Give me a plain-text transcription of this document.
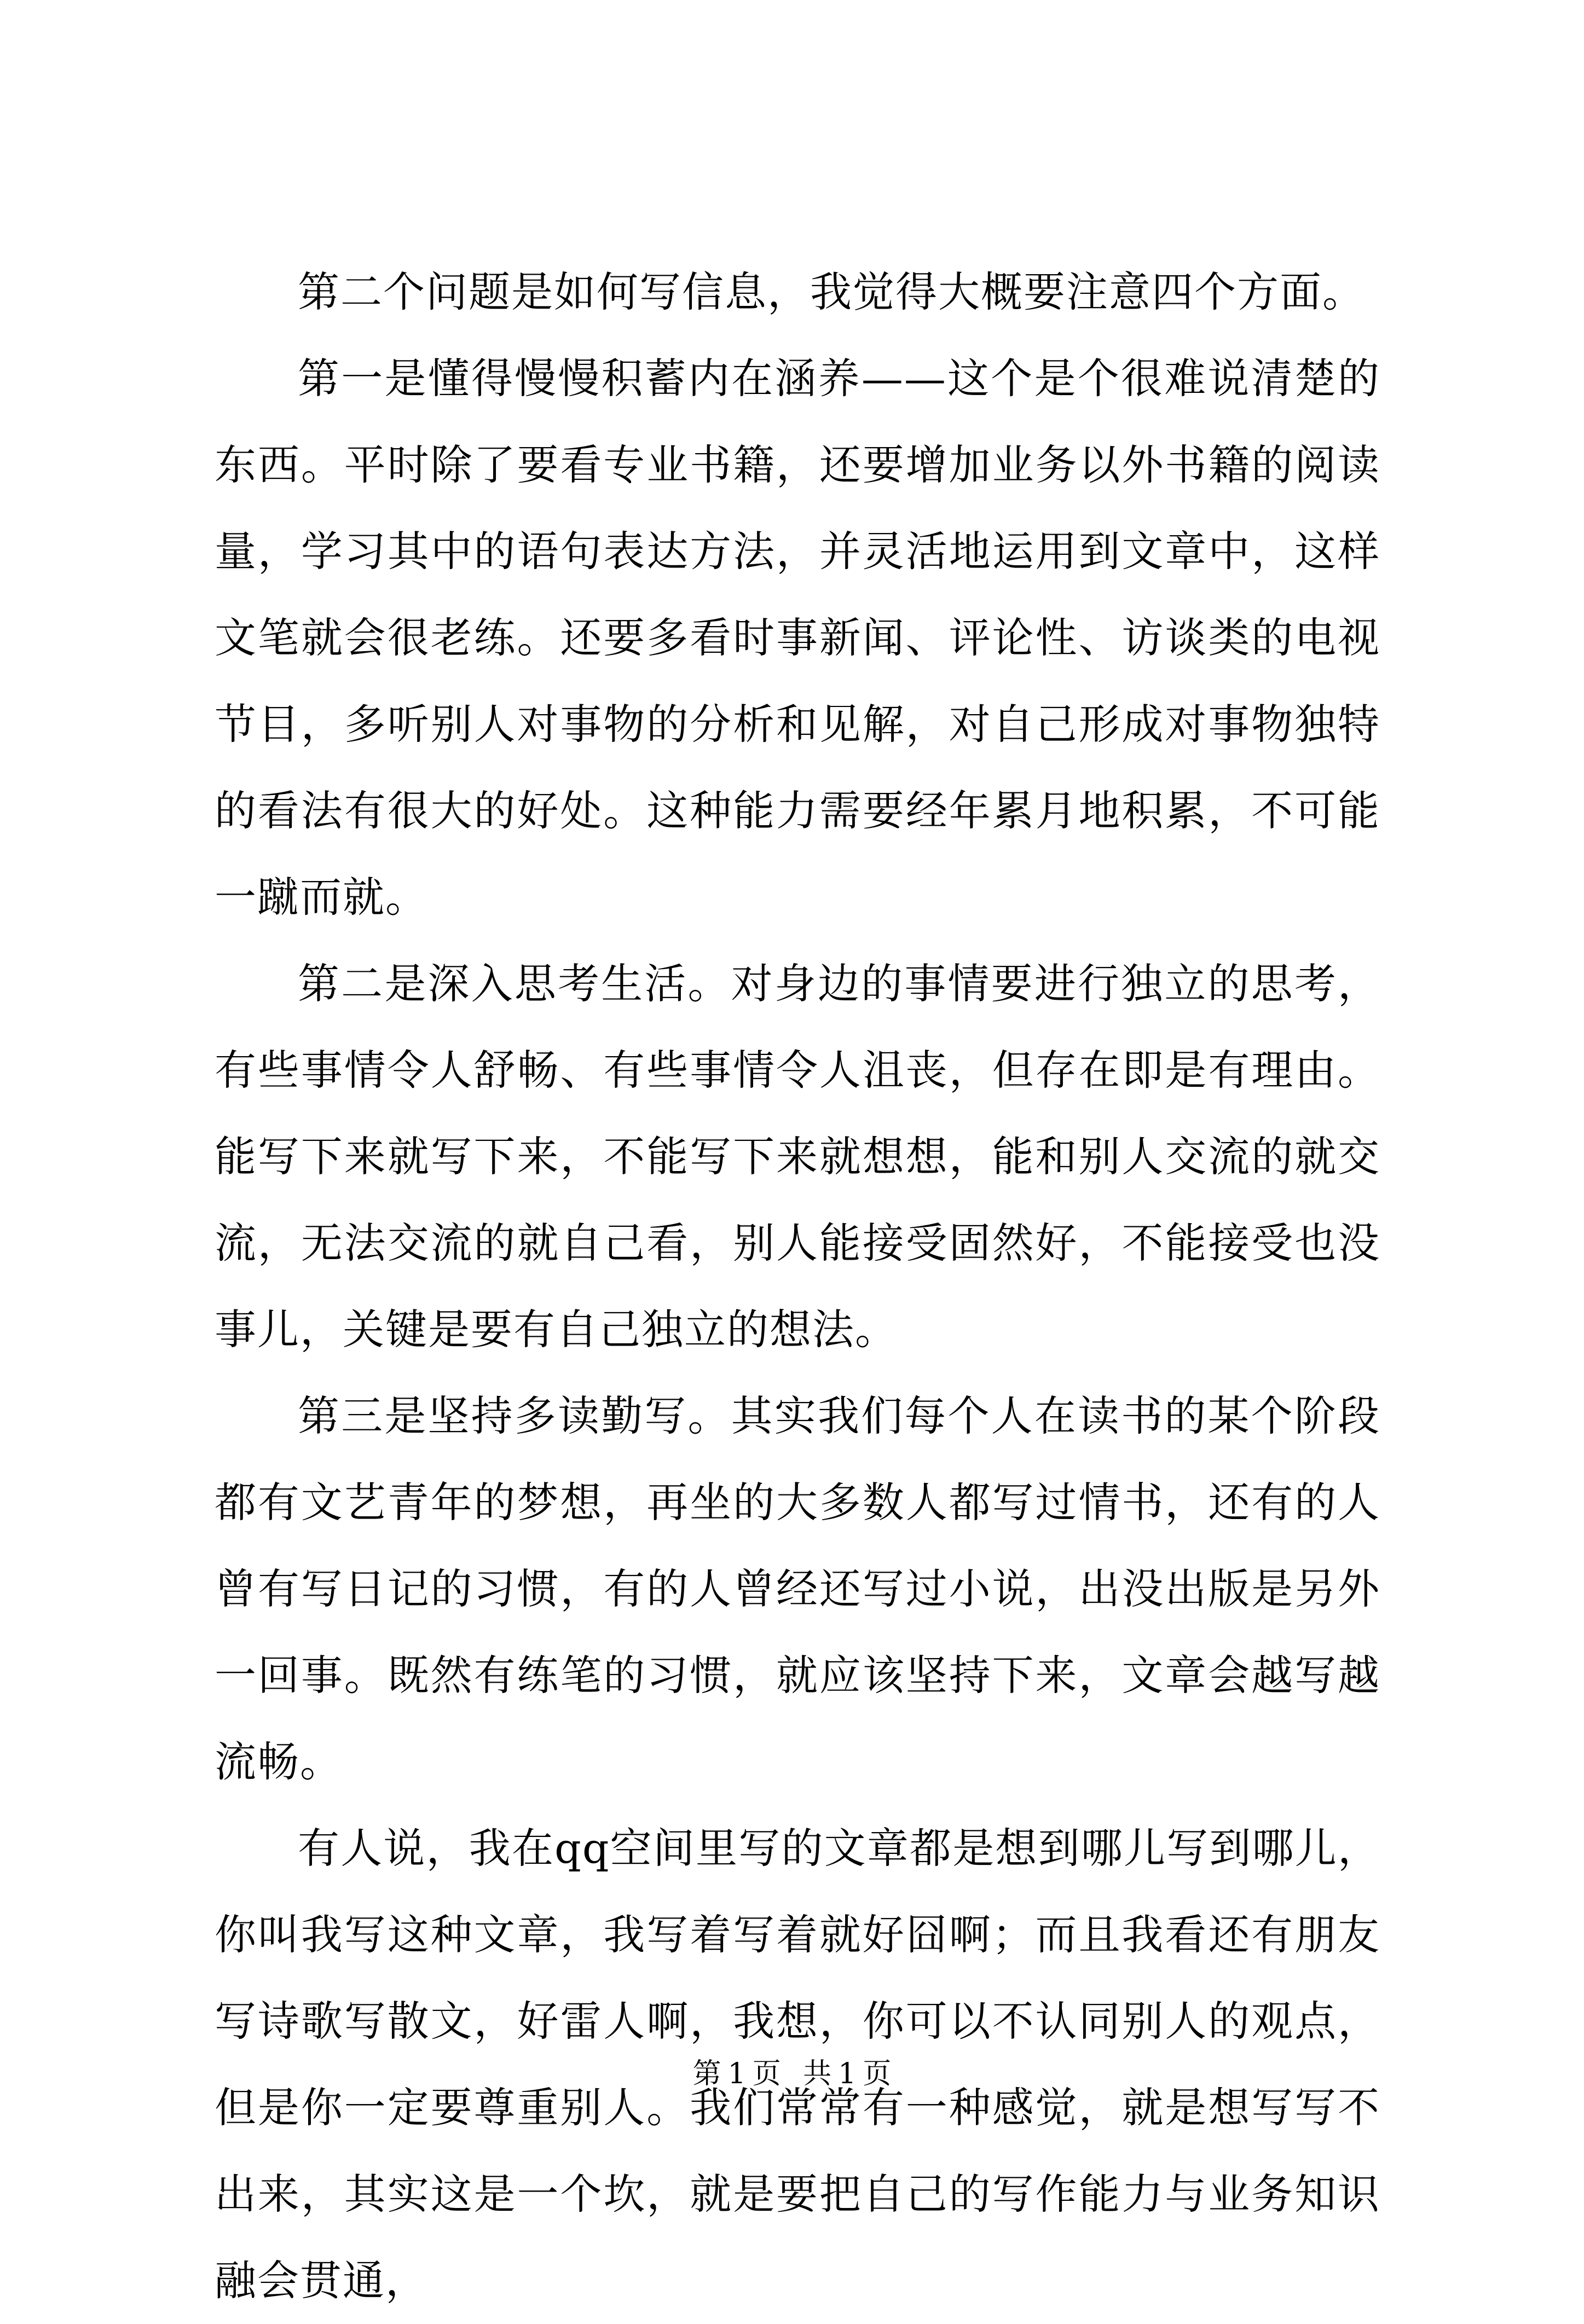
第二个问题是如何写信息，我觉得大概要注意四个方面。

第一是懂得慢慢积蓄内在涵养——这个是个很难说清楚的东西。平时除了要看专业书籍，还要增加业务以外书籍的阅读量，学习其中的语句表达方法，并灵活地运用到文章中，这样文笔就会很老练。还要多看时事新闻、评论性、访谈类的电视节目，多听别人对事物的分析和见解，对自己形成对事物独特的看法有很大的好处。这种能力需要经年累月地积累，不可能一蹴而就。

第二是深入思考生活。对身边的事情要进行独立的思考，有些事情令人舒畅、有些事情令人沮丧，但存在即是有理由。能写下来就写下来，不能写下来就想想，能和别人交流的就交流，无法交流的就自己看，别人能接受固然好，不能接受也没事儿，关键是要有自己独立的想法。

第三是坚持多读勤写。其实我们每个人在读书的某个阶段都有文艺青年的梦想，再坐的大多数人都写过情书，还有的人曾有写日记的习惯，有的人曾经还写过小说，出没出版是另外一回事。既然有练笔的习惯，就应该坚持下来，文章会越写越流畅。

有人说，我在qq空间里写的文章都是想到哪儿写到哪儿，你叫我写这种文章，我写着写着就好囧啊；而且我看还有朋友写诗歌写散文，好雷人啊，我想，你可以不认同别人的观点，但是你一定要尊重别人。我们常常有一种感觉，就是想写写不出来，其实这是一个坎，就是要把自己的写作能力与业务知识融会贯通，

第 1 页 共 1 页
